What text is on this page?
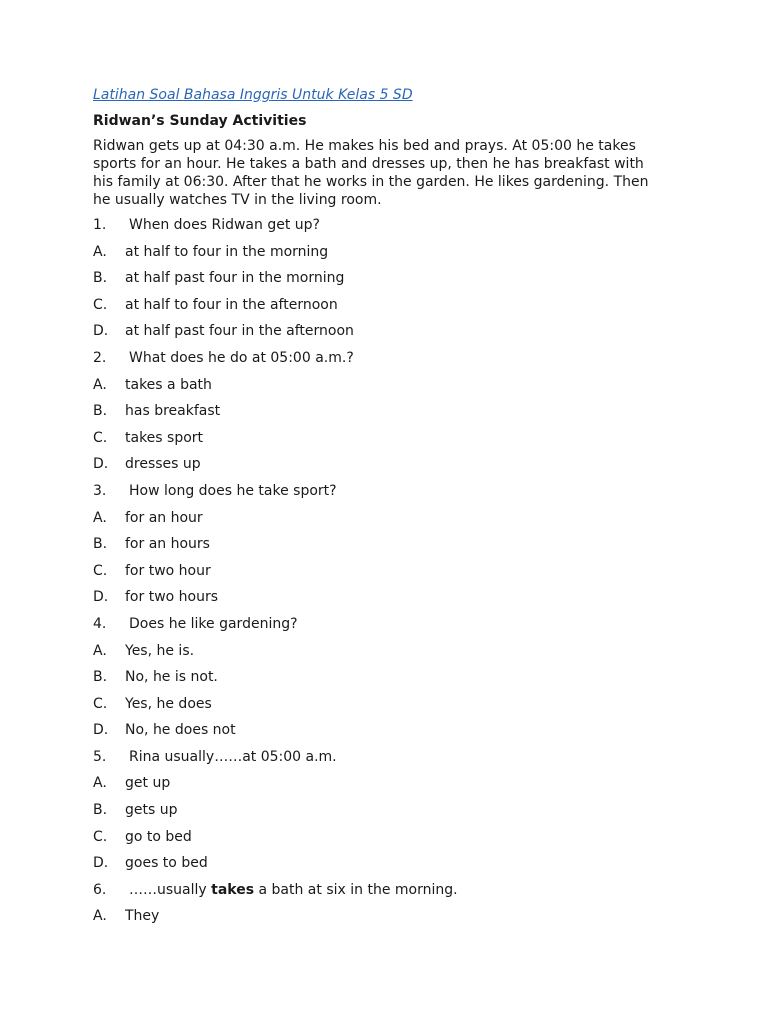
Latihan Soal Bahasa Inggris Untuk Kelas 5 SD
Ridwan’s Sunday Activities
Ridwan gets up at 04:30 a.m. He makes his bed and prays. At 05:00 he takes
sports for an hour. He takes a bath and dresses up, then he has breakfast with
his family at 06:30. After that he works in the garden. He likes gardening. Then
he usually watches TV in the living room.
1. When does Ridwan get up?
A. at half to four in the morning
B. at half past four in the morning
C. at half to four in the afternoon
D. at half past four in the afternoon
2. What does he do at 05:00 a.m.?
A. takes a bath
B. has breakfast
C. takes sport
D. dresses up
3. How long does he take sport?
A. for an hour
B. for an hours
C. for two hour
D. for two hours
4. Does he like gardening?
A. Yes, he is.
B. No, he is not.
C. Yes, he does
D. No, he does not
5. Rina usually……at 05:00 a.m.
A. get up
B. gets up
C. go to bed
D. goes to bed
6. ……usually takes a bath at six in the morning.
A. They
